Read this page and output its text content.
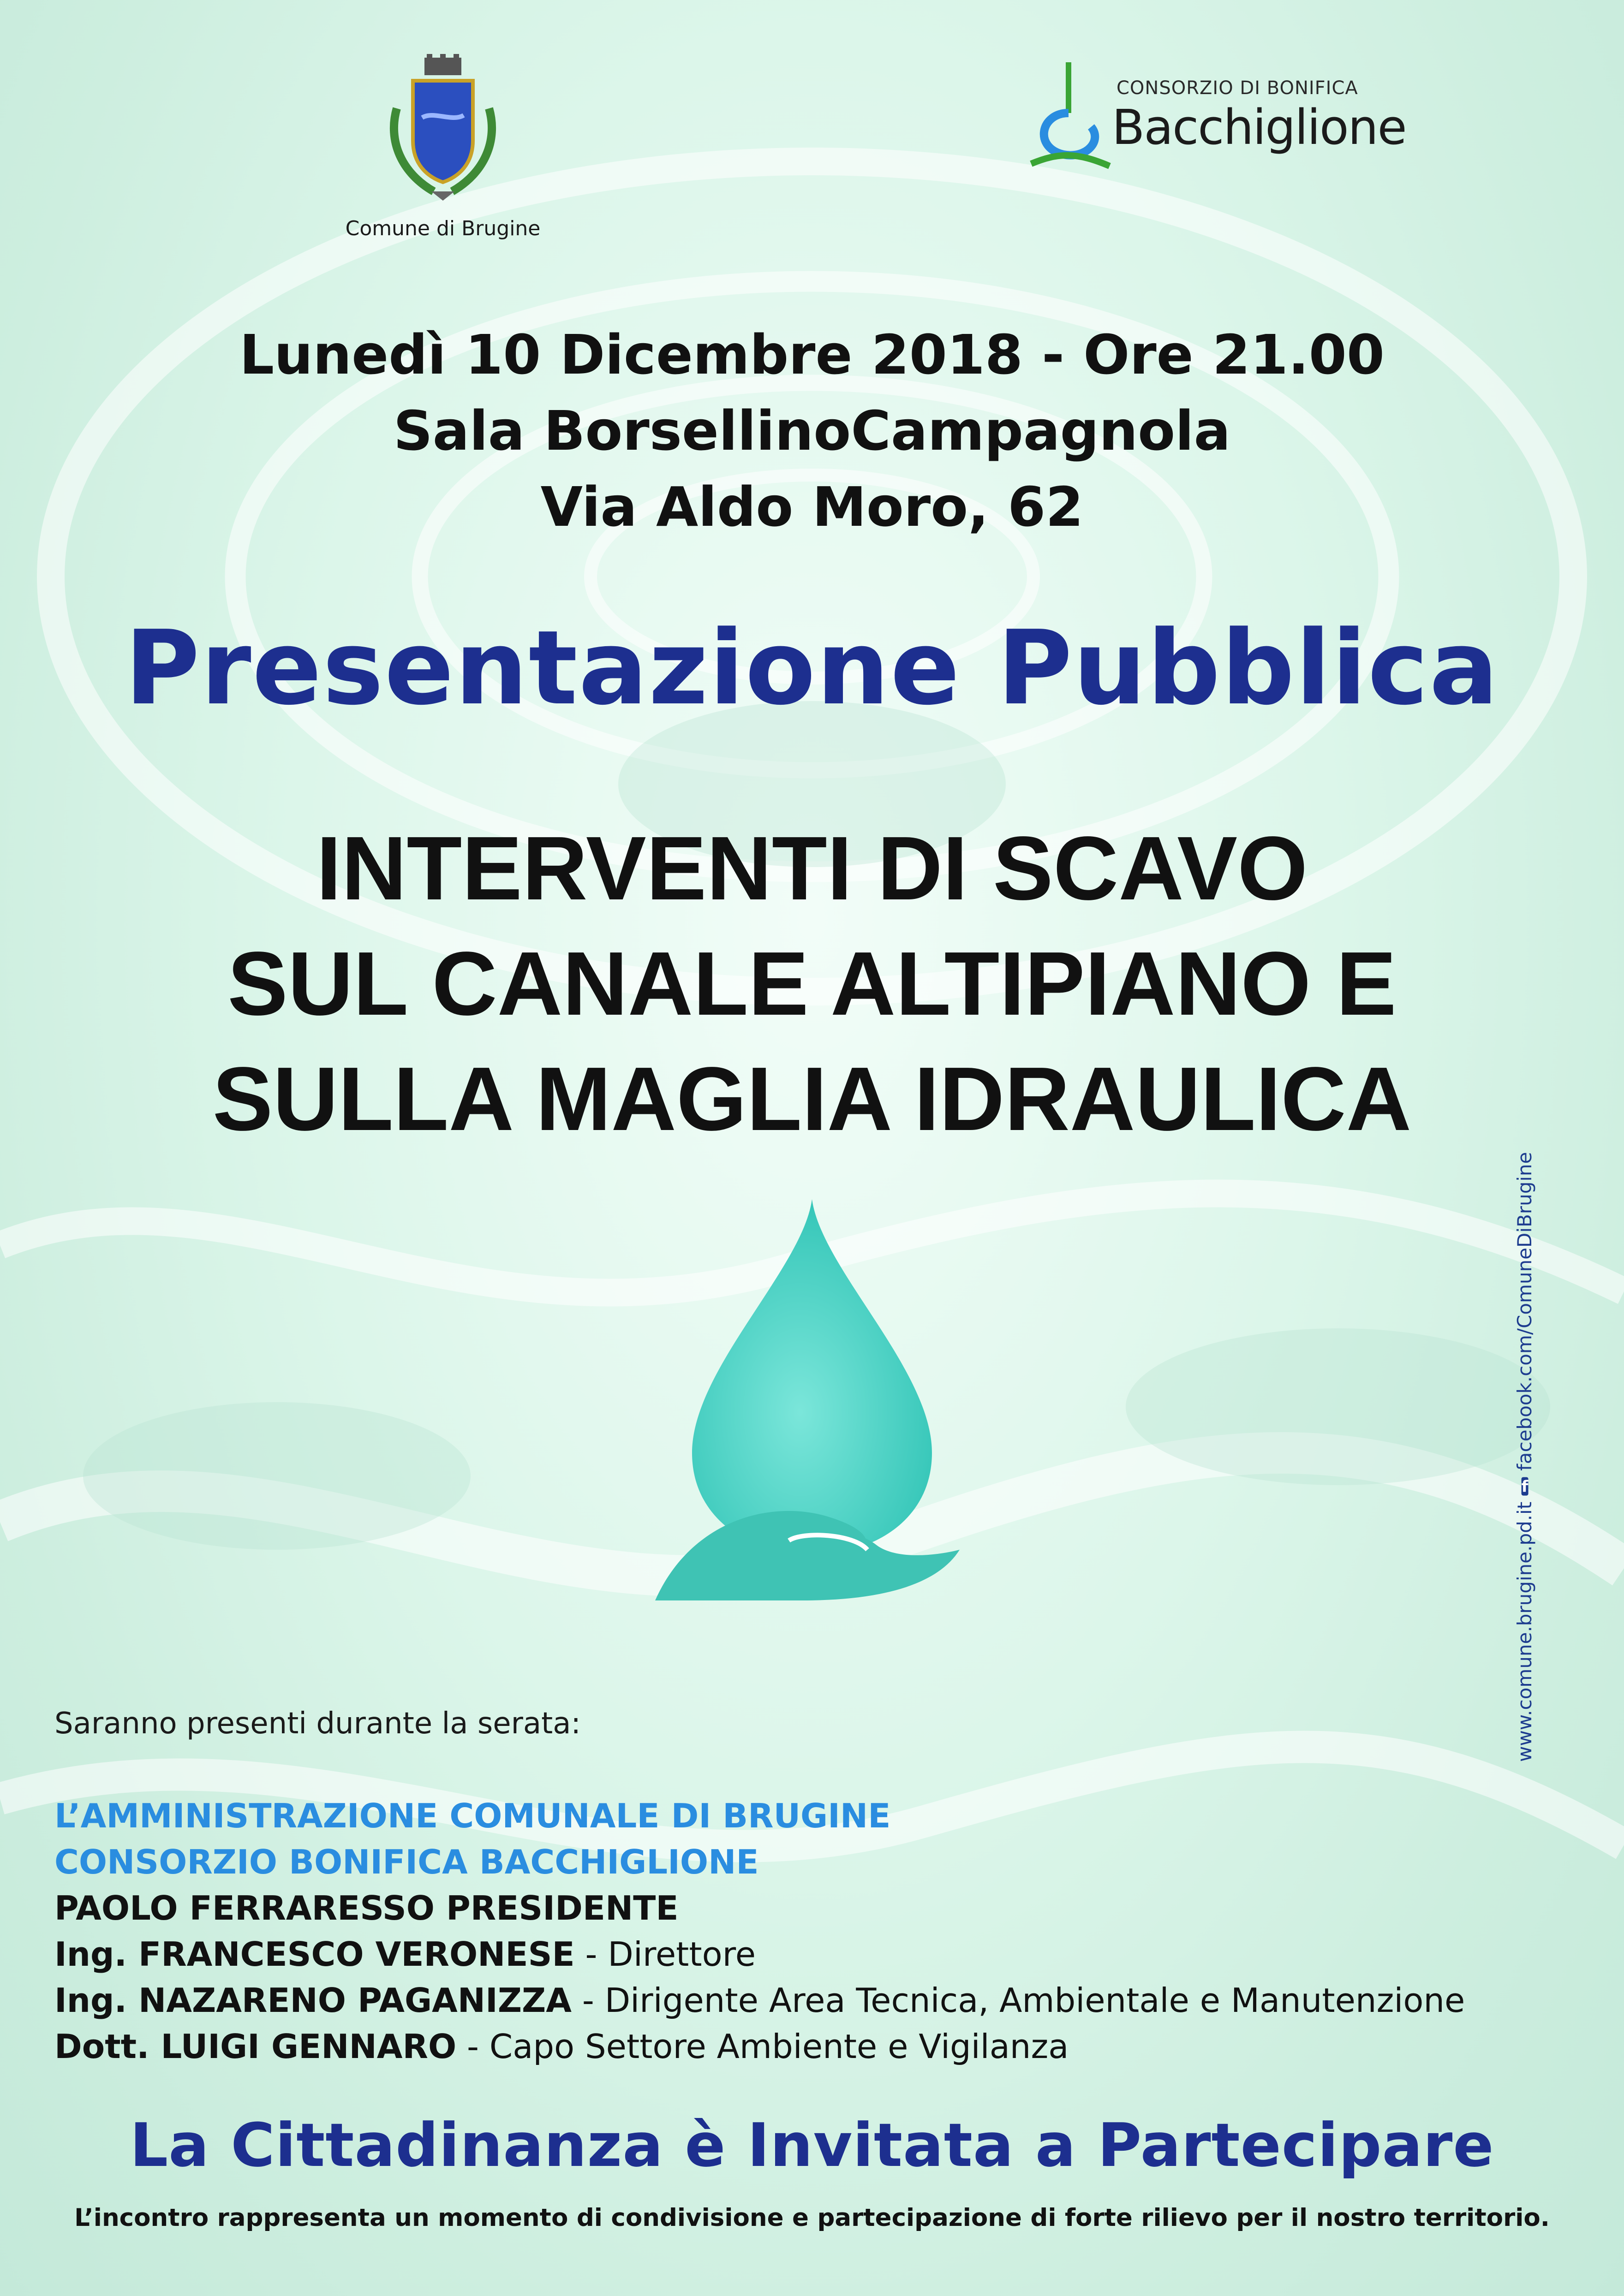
Comune di Brugine
CONSORZIO DI BONIFICA
Bacchiglione
Lunedì 10 Dicembre 2018 - Ore 21.00
Sala BorsellinoCampagnola
Via Aldo Moro, 62
Presentazione Pubblica
INTERVENTI DI SCAVO
SUL CANALE ALTIPIANO E
SULLA MAGLIA IDRAULICA
www.comune.brugine.pd.it
f
facebook.com/ComuneDiBrugine
Saranno presenti durante la serata:
L’AMMINISTRAZIONE COMUNALE DI BRUGINE
CONSORZIO BONIFICA BACCHIGLIONE
PAOLO FERRARESSO PRESIDENTE
Ing. FRANCESCO VERONESE - Direttore
Ing. NAZARENO PAGANIZZA - Dirigente Area Tecnica, Ambientale e Manutenzione
Dott. LUIGI GENNARO - Capo Settore Ambiente e Vigilanza
La Cittadinanza è Invitata a Partecipare
L’incontro rappresenta un momento di condivisione e partecipazione di forte rilievo per il nostro territorio.
